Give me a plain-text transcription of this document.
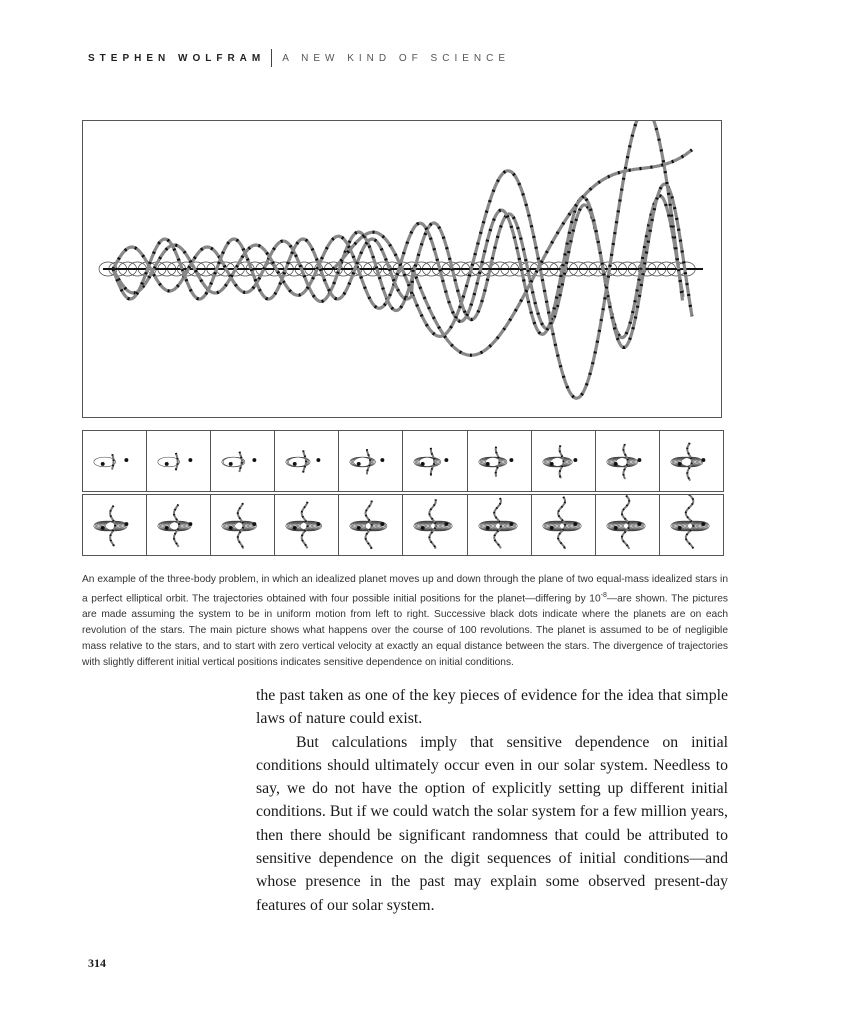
STEPHEN WOLFRAM A NEW KIND OF SCIENCE
An example of the three-body problem, in which an idealized planet moves up and down through the plane of two equal-mass idealized stars in a perfect elliptical orbit. The trajectories obtained with four possible initial positions for the planet—differing by $10^{-8}—are$ shown. The pictures are made assuming the system to be in uniform motion from left to right. Successive black dots indicate where the planets are on each revolution of the stars. The main picture shows what happens over the course of 100 revolutions. The planet is assumed to be of negligible mass relative to the stars, and to start with zero vertical velocity at exactly an equal distance between the stars. The divergence of trajectories with slightly different initial vertical positions indicates sensitive dependence on initial conditions.

the past taken as one of the key pieces of evidence for the idea that simple laws of nature could exist.

But calculations imply that sensitive dependence on initial conditions should ultimately occur even in our solar system. Needless to say, we do not have the option of explicitly setting up different initial conditions. But if we could watch the solar system for a few million years, then there should be significant randomness that could be attributed to sensitive dependence on the digit sequences of initial conditions—and whose presence in the past may explain some observed present-day features of our solar system.

314
